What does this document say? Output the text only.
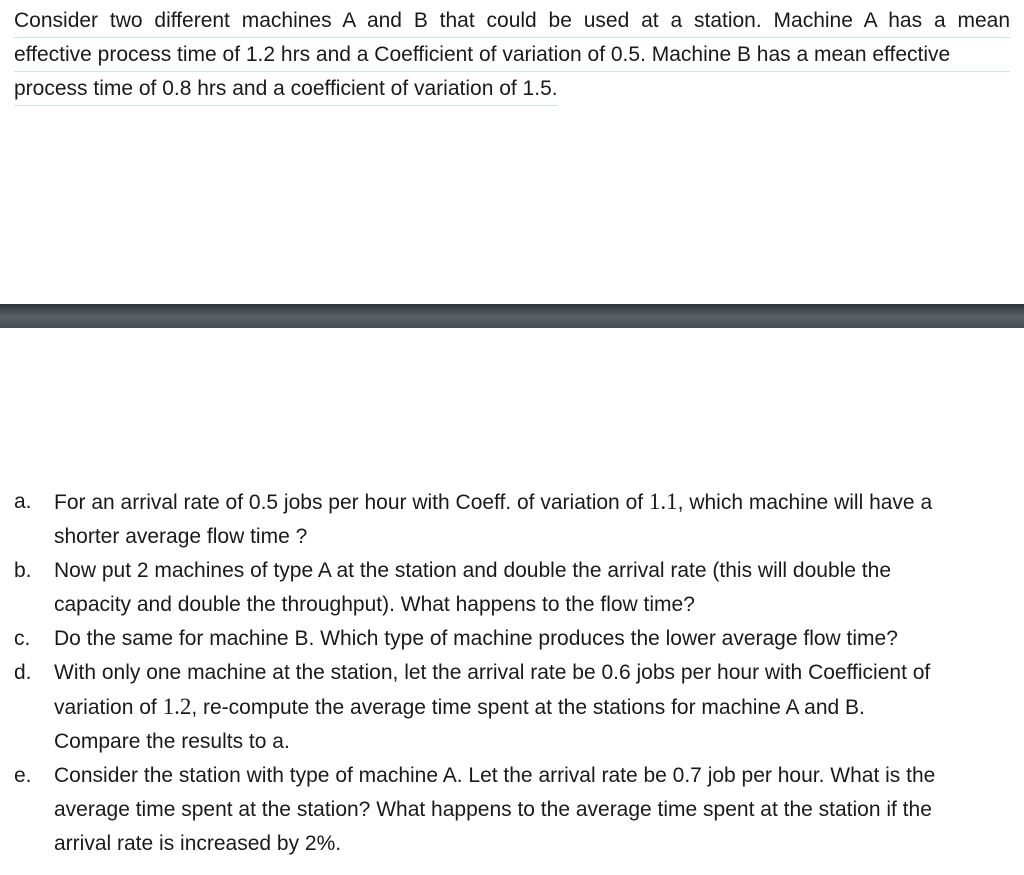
Consider two different machines A and B that could be used at a station. Machine A has a mean
effective process time of 1.2 hrs and a Coefficient of variation of 0.5. Machine B has a mean effective
process time of 0.8 hrs and a coefficient of variation of 1.5.
a.	For an arrival rate of 0.5 jobs per hour with Coeff. of variation of 1.1, which machine will have a
shorter average flow time ?
b.	Now put 2 machines of type A at the station and double the arrival rate (this will double the
capacity and double the throughput). What happens to the flow time?
c.	Do the same for machine B. Which type of machine produces the lower average flow time?
d.	With only one machine at the station, let the arrival rate be 0.6 jobs per hour with Coefficient of
variation of 1.2, re-compute the average time spent at the stations for machine A and B.
Compare the results to a.
e.	Consider the station with type of machine A. Let the arrival rate be 0.7 job per hour. What is the
average time spent at the station? What happens to the average time spent at the station if the
arrival rate is increased by 2%.
